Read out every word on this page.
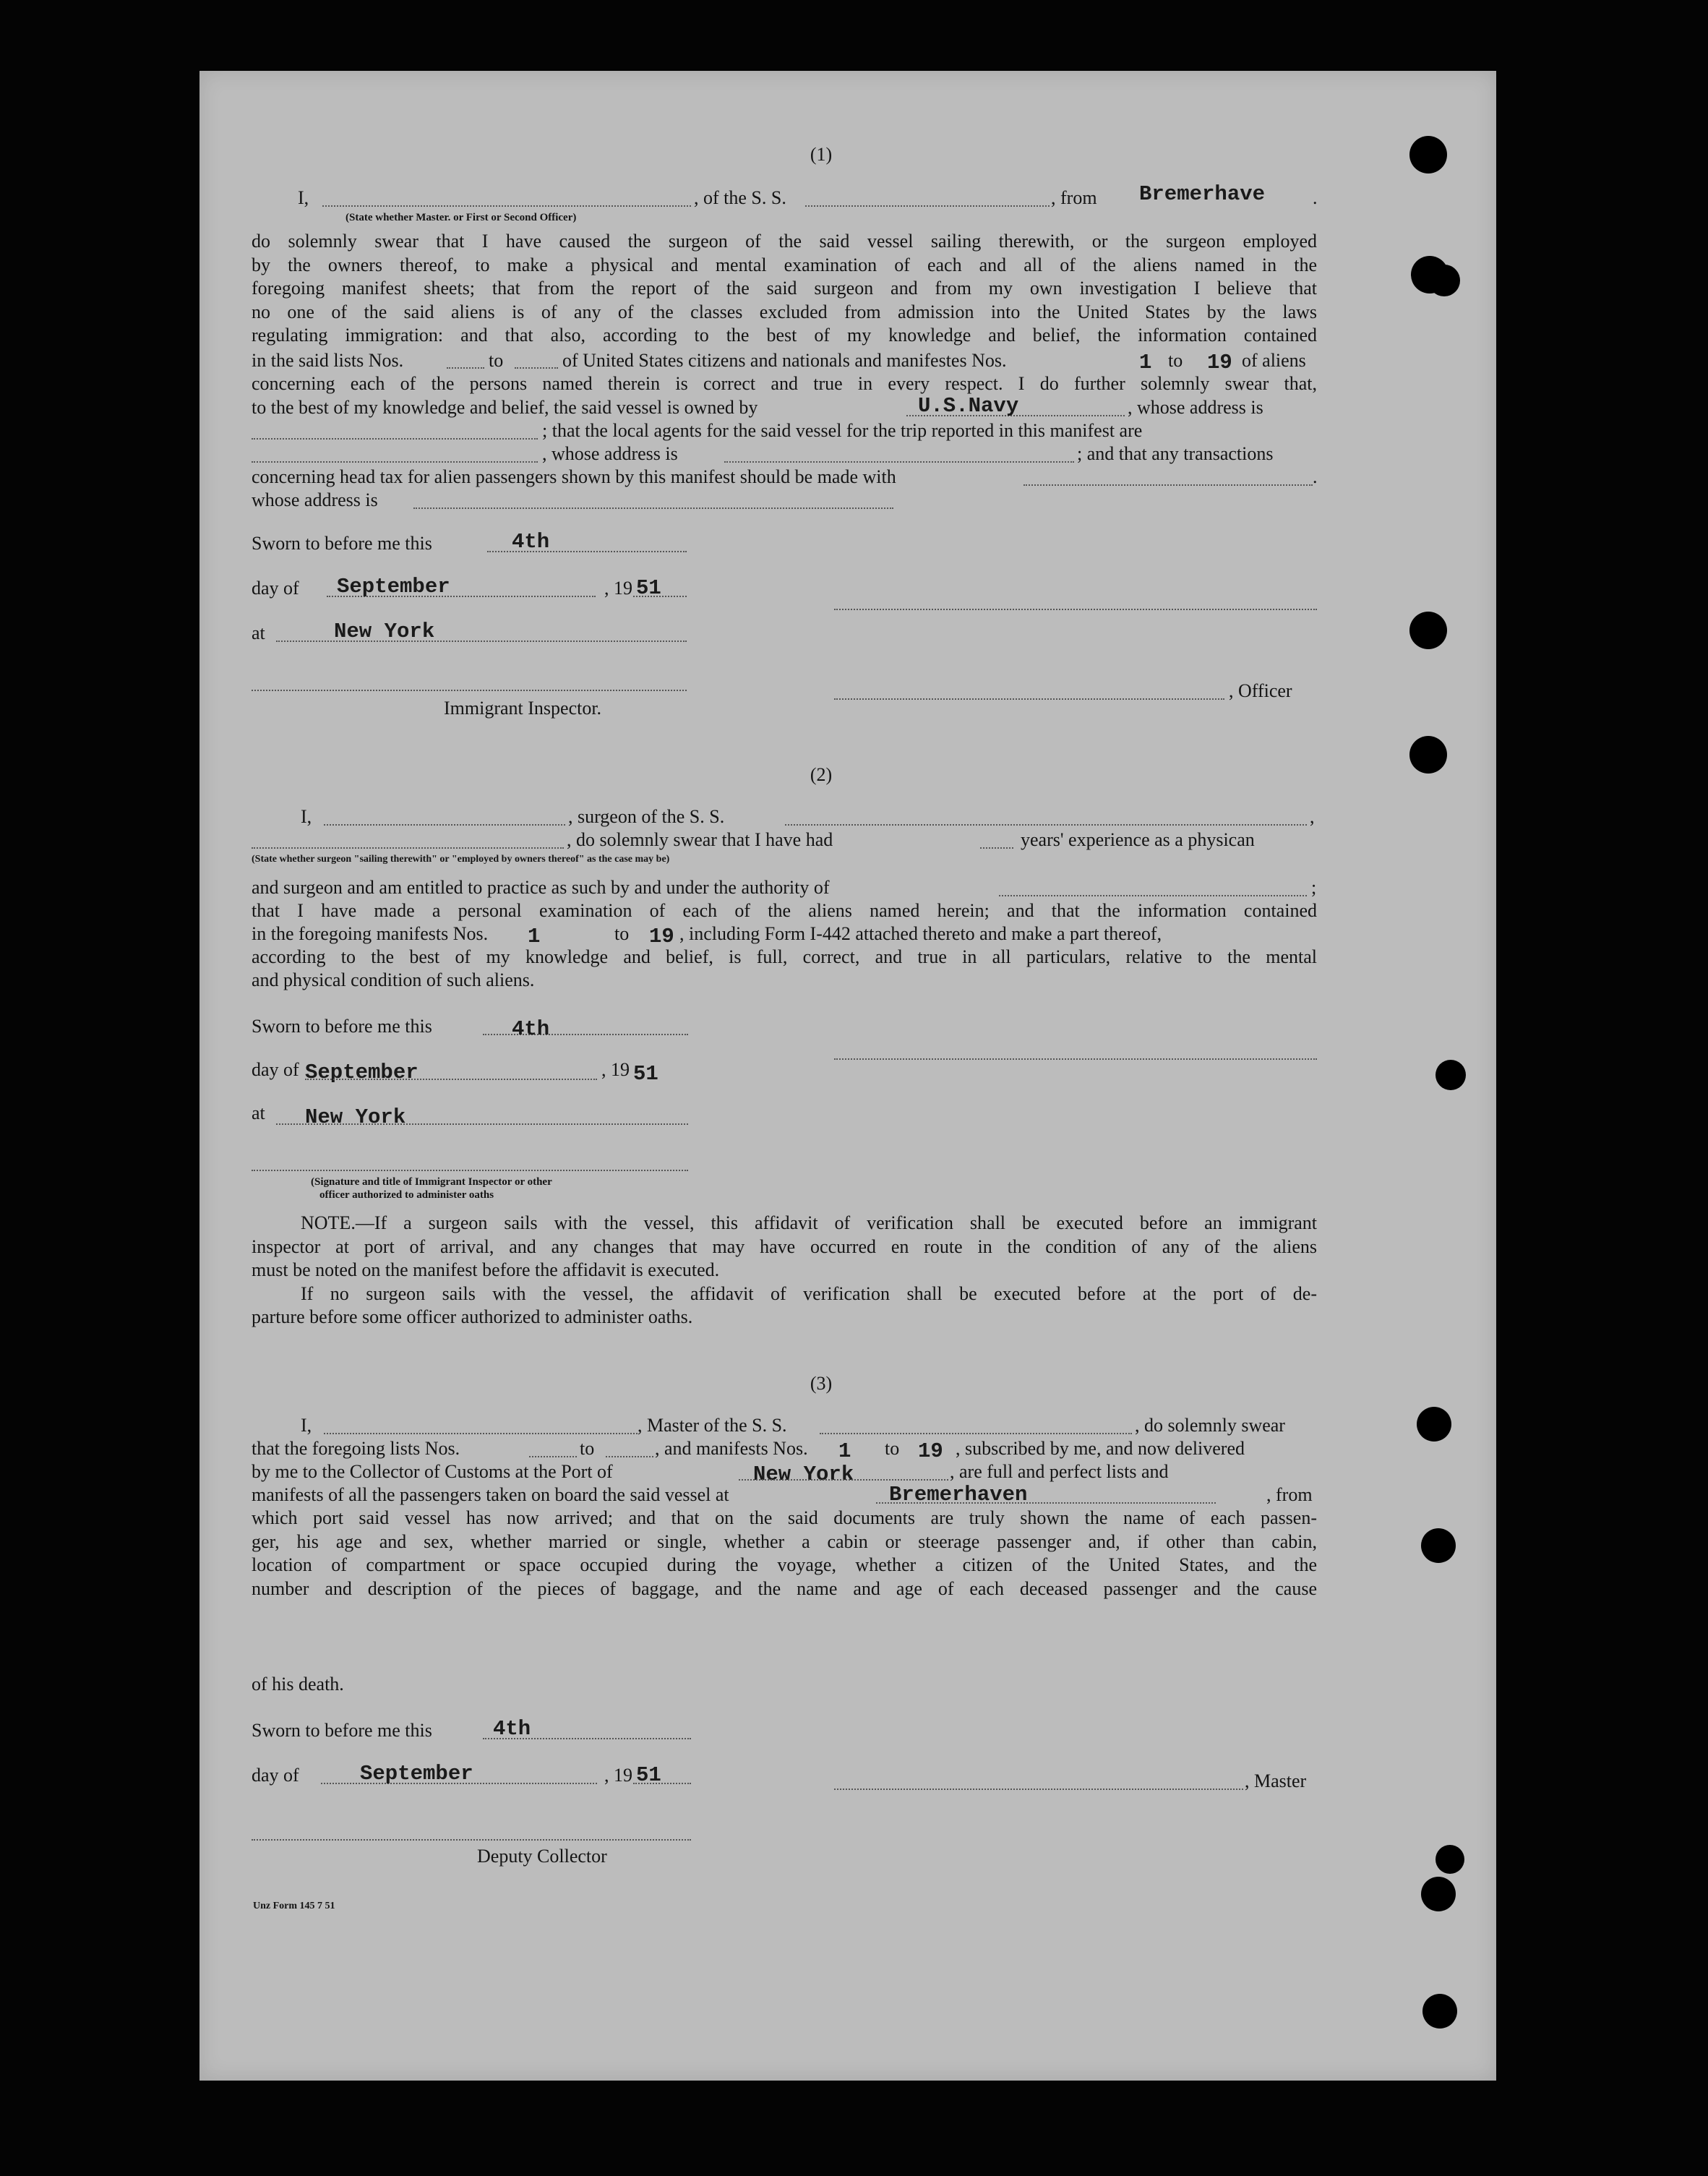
(1)
I,	, of the S. S.	, from Bremerhave	.
(State whether Master. or First or Second Officer)
do solemnly swear that I have caused the surgeon of the said vessel sailing therewith, or the surgeon employed
by the owners thereof, to make a physical and mental examination of each and all of the aliens named in the
foregoing manifest sheets; that from the report of the said surgeon and from my own investigation I believe that
no one of the said aliens is of any of the classes excluded from admission into the United States by the laws
regulating immigration: and that also, according to the best of my knowledge and belief, the information contained
in the said lists Nos.	to	of United States citizens and nationals and manifestes Nos.	1 to 19 of aliens
concerning each of the persons named therein is correct and true in every respect. I do further solemnly swear that,
to the best of my knowledge and belief, the said vessel is owned by	U.S.Navy	, whose address is
; that the local agents for the said vessel for the trip reported in this manifest are
, whose address is	; and that any transactions
concerning head tax for alien passengers shown by this manifest should be made with	.
whose address is
Sworn to before me this	4th
day of September	, 19 51
at	New York
, Officer
Immigrant Inspector.
(2)
I,	, surgeon of the S. S.	,
, do solemnly swear that I have had	years' experience as a physican
(State whether surgeon "sailing therewith" or "employed by owners thereof" as the case may be)
and surgeon and am entitled to practice as such by and under the authority of	;
that I have made a personal examination of each of the aliens named herein; and that the information contained
in the foregoing manifests Nos. 1	to 19 , including Form I-442 attached thereto and make a part thereof,
according to the best of my knowledge and belief, is full, correct, and true in all particulars, relative to the mental
and physical condition of such aliens.
Sworn to before me this	4th
day of September	, 19 51
at New York
(Signature and title of Immigrant Inspector or other
officer authorized to administer oaths
NOTE.—If a surgeon sails with the vessel, this affidavit of verification shall be executed before an immigrant
inspector at port of arrival, and any changes that may have occurred en route in the condition of any of the aliens
must be noted on the manifest before the affidavit is executed.
If no surgeon sails with the vessel, the affidavit of verification shall be executed before at the port of de-
parture before some officer authorized to administer oaths.
(3)
I,	, Master of the S. S.	, do solemnly swear
that the foregoing lists Nos.	to	, and manifests Nos. 1 to 19 , subscribed by me, and now delivered
by me to the Collector of Customs at the Port of	New York	, are full and perfect lists and
manifests of all the passengers taken on board the said vessel at	Bremerhaven	, from
which port said vessel has now arrived; and that on the said documents are truly shown the name of each passen-
ger, his age and sex, whether married or single, whether a cabin or steerage passenger and, if other than cabin,
location of compartment or space occupied during the voyage, whether a citizen of the United States, and the
number and description of the pieces of baggage, and the name and age of each deceased passenger and the cause
of his death.
Sworn to before me this	4th
day of	September	, 19 51	, Master
Deputy Collector
Unz Form 145 7 51
